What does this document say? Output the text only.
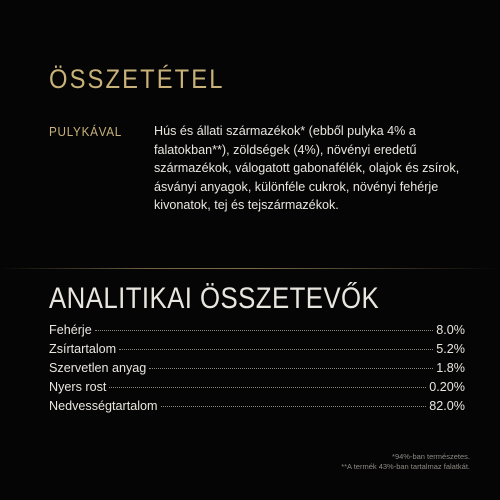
ÖSSZETÉTEL
PULYKÁVAL	Hús és állati származékok* (ebből pulyka 4% a falatokban**), zöldségek (4%), növényi eredetű származékok, válogatott gabonafélék, olajok és zsírok, ásványi anyagok, különféle cukrok, növényi fehérje kivonatok, tej és tejszármazékok.

ANALITIKAI ÖSSZETEVŐK
Fehérje	8.0%
Zsírtartalom	5.2%
Szervetlen anyag	1.8%
Nyers rost	0.20%
Nedvességtartalom	82.0%
*94%-ban természetes.
**A termék 43%-ban tartalmaz falatkát.
